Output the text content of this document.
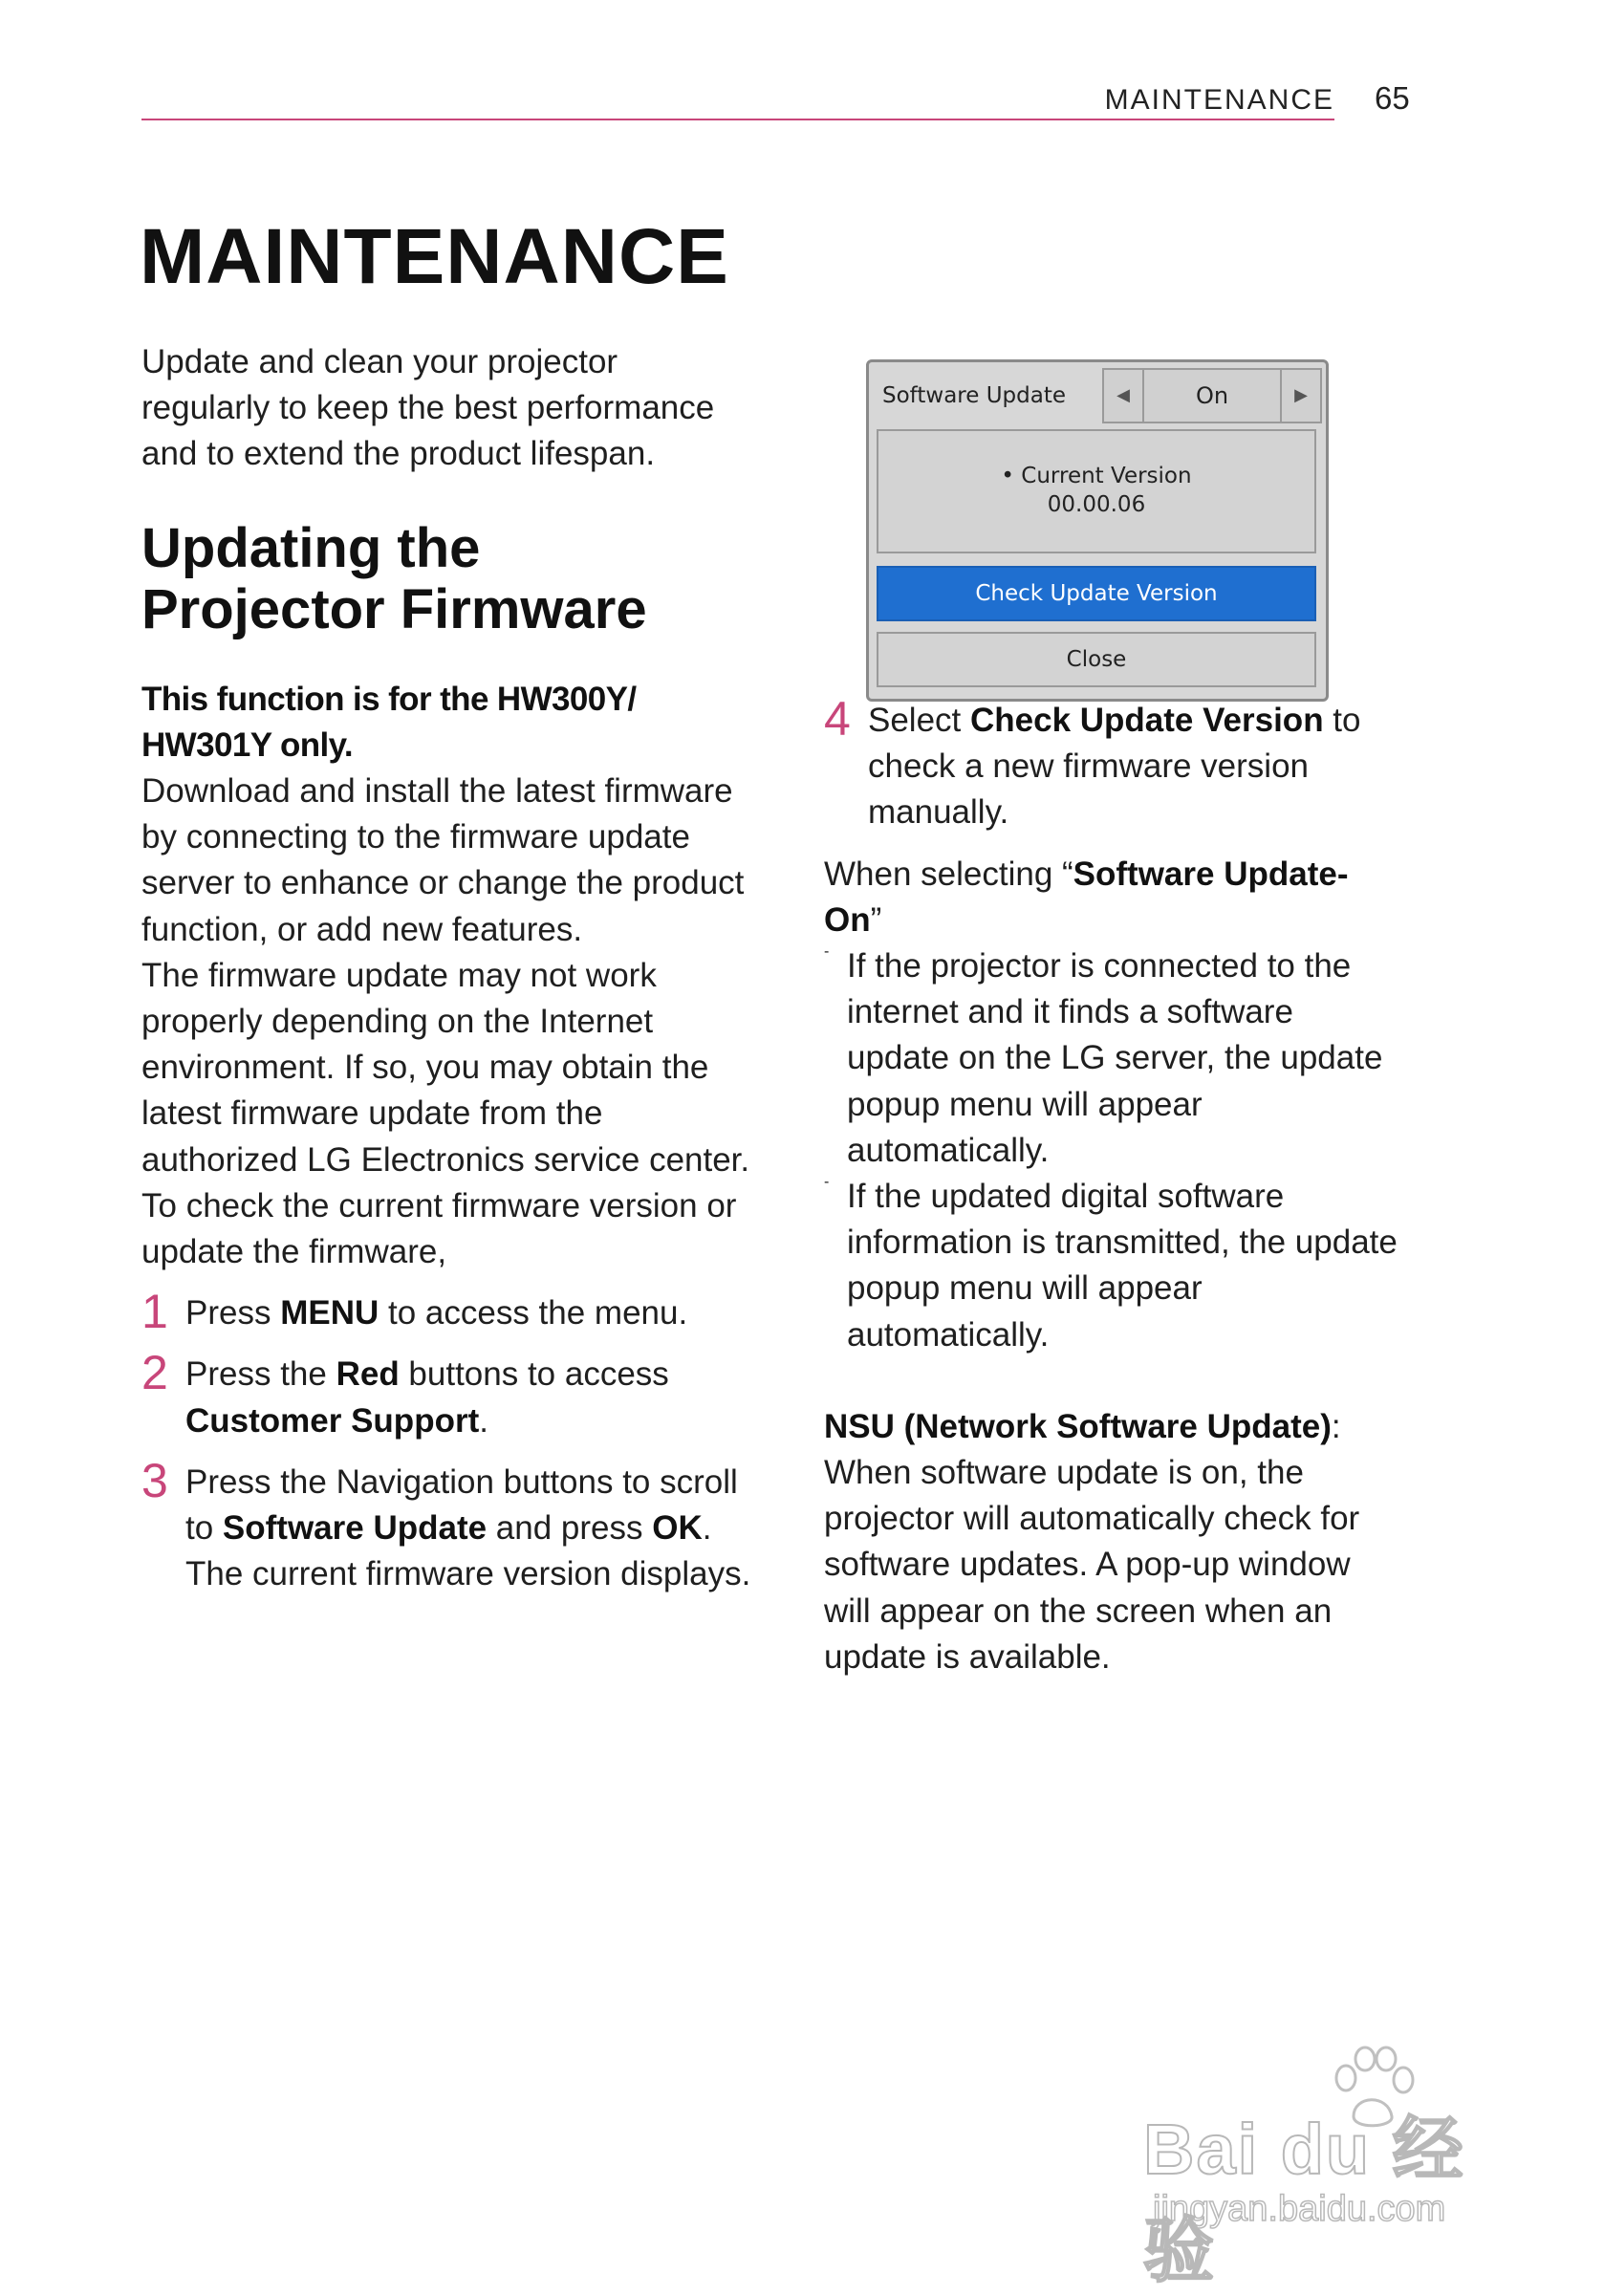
MAINTENANCE 65
MAINTENANCE

Update and clean your projector regularly to keep the best performance and to extend the product lifespan.

Updating the
Projector Firmware

This function is for the HW300Y/ HW301Y only.

Download and install the latest firmware by connecting to the firmware update server to enhance or change the product function, or add new features.

The firmware update may not work properly depending on the Internet environment. If so, you may obtain the latest firmware update from the authorized LG Electronics service center.

To check the current firmware version or update the firmware,

1 Press MENU to access the menu.

2 Press the Red buttons to access Customer Support.

3 Press the Navigation buttons to scroll to Software Update and press OK.

The current firmware version displays.

Software Update	◀	On	▶
• Current Version
00.00.06
Check Update Version
Close
4 Select Check Update Version to check a new firmware version manually.

When selecting “Software Update-
On”

- If the projector is connected to the internet and it finds a software update on the LG server, the update popup menu will appear automatically.

- If the updated digital software information is transmitted, the update popup menu will appear automatically.

NSU (Network Software Update):

When software update is on, the projector will automatically check for software updates. A pop-up window will appear on the screen when an update is available.

Bai du 经验
jingyan.baidu.com
